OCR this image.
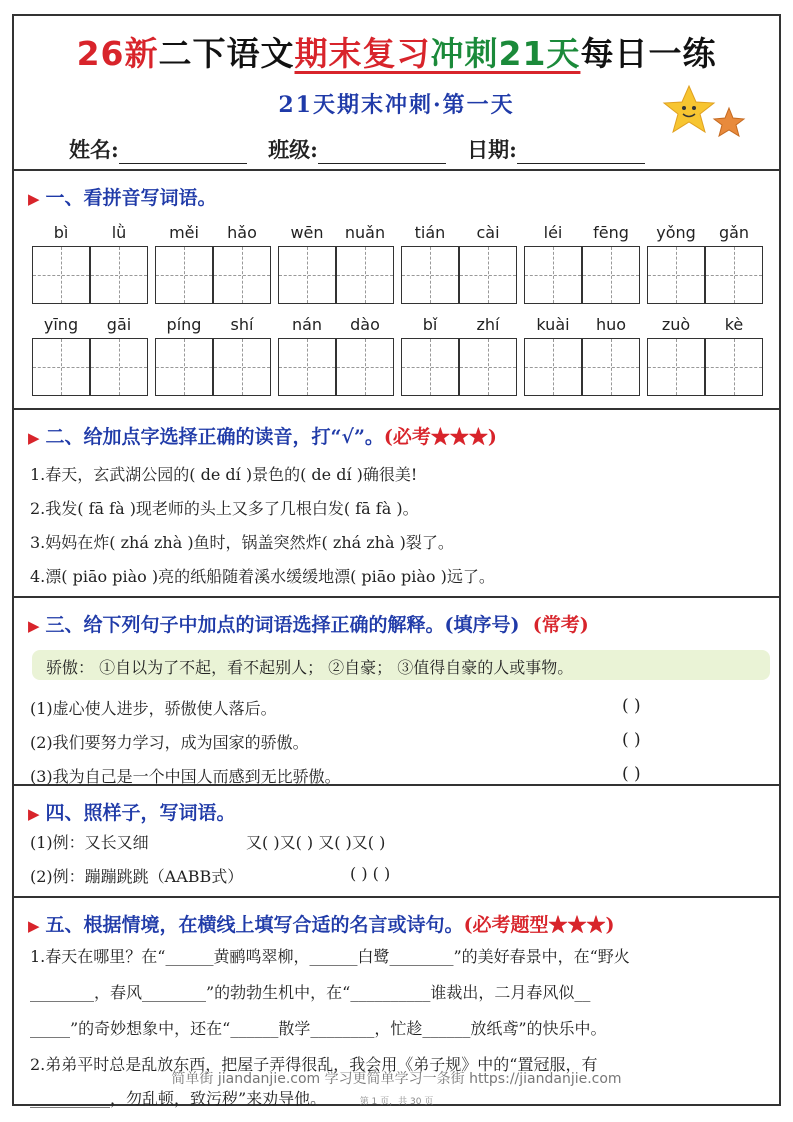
26新二下语文期末复习冲刺21天每日一练
21天期末冲刺·第一天
姓名:	班级:	日期:
▶ 一、看拼音写词语。
bì	lǜ	měi	hǎo	wēn	nuǎn	tián	cài	léi	fēng	yǒng	gǎn
yīng	gāi	píng	shí	nán	dào	bǐ	zhí	kuài	huo	zuò	kè
▶ 二、给加点字选择正确的读音，打“√”。(必考★★★)
1.春天，玄武湖公园的( de dí )景色的( de dí )确很美!
2.我发( fā fà )现老师的头上又多了几根白发( fā fà )。
3.妈妈在炸( zhá zhà )鱼时，锅盖突然炸( zhá zhà )裂了。
4.漂( piāo piào )亮的纸船随着溪水缓缓地漂( piāo piào )远了。
▶ 三、给下列句子中加点的词语选择正确的解释。(填序号) (常考)
骄傲： ①自以为了不起，看不起别人； ②自豪； ③值得自豪的人或事物。
(1)虚心使人进步，骄傲使人落后。	( )
(2)我们要努力学习，成为国家的骄傲。	( )
(3)我为自己是一个中国人而感到无比骄傲。	( )
▶ 四、照样子，写词语。
(1)例：又长又细	又( )又( ) 又( )又( )
(2)例：蹦蹦跳跳（AABB式）	( ) ( )
▶ 五、根据情境，在横线上填写合适的名言或诗句。(必考题型★★★)
1.春天在哪里？在“______黄鹂鸣翠柳，______白鹭________”的美好春景中，在“野火
________，春风________”的勃勃生机中，在“__________谁裁出，二月春风似__
_____”的奇妙想象中，还在“______散学________，忙趁______放纸鸢”的快乐中。
2.弟弟平时总是乱放东西，把屋子弄得很乱，我会用《弟子规》中的“置冠服，有
__________，勿乱顿，致污秽”来劝导他。
简单街 jiandanjie.com 学习更简单学习一条街 https://jiandanjie.com
第 1 页，共 30 页
